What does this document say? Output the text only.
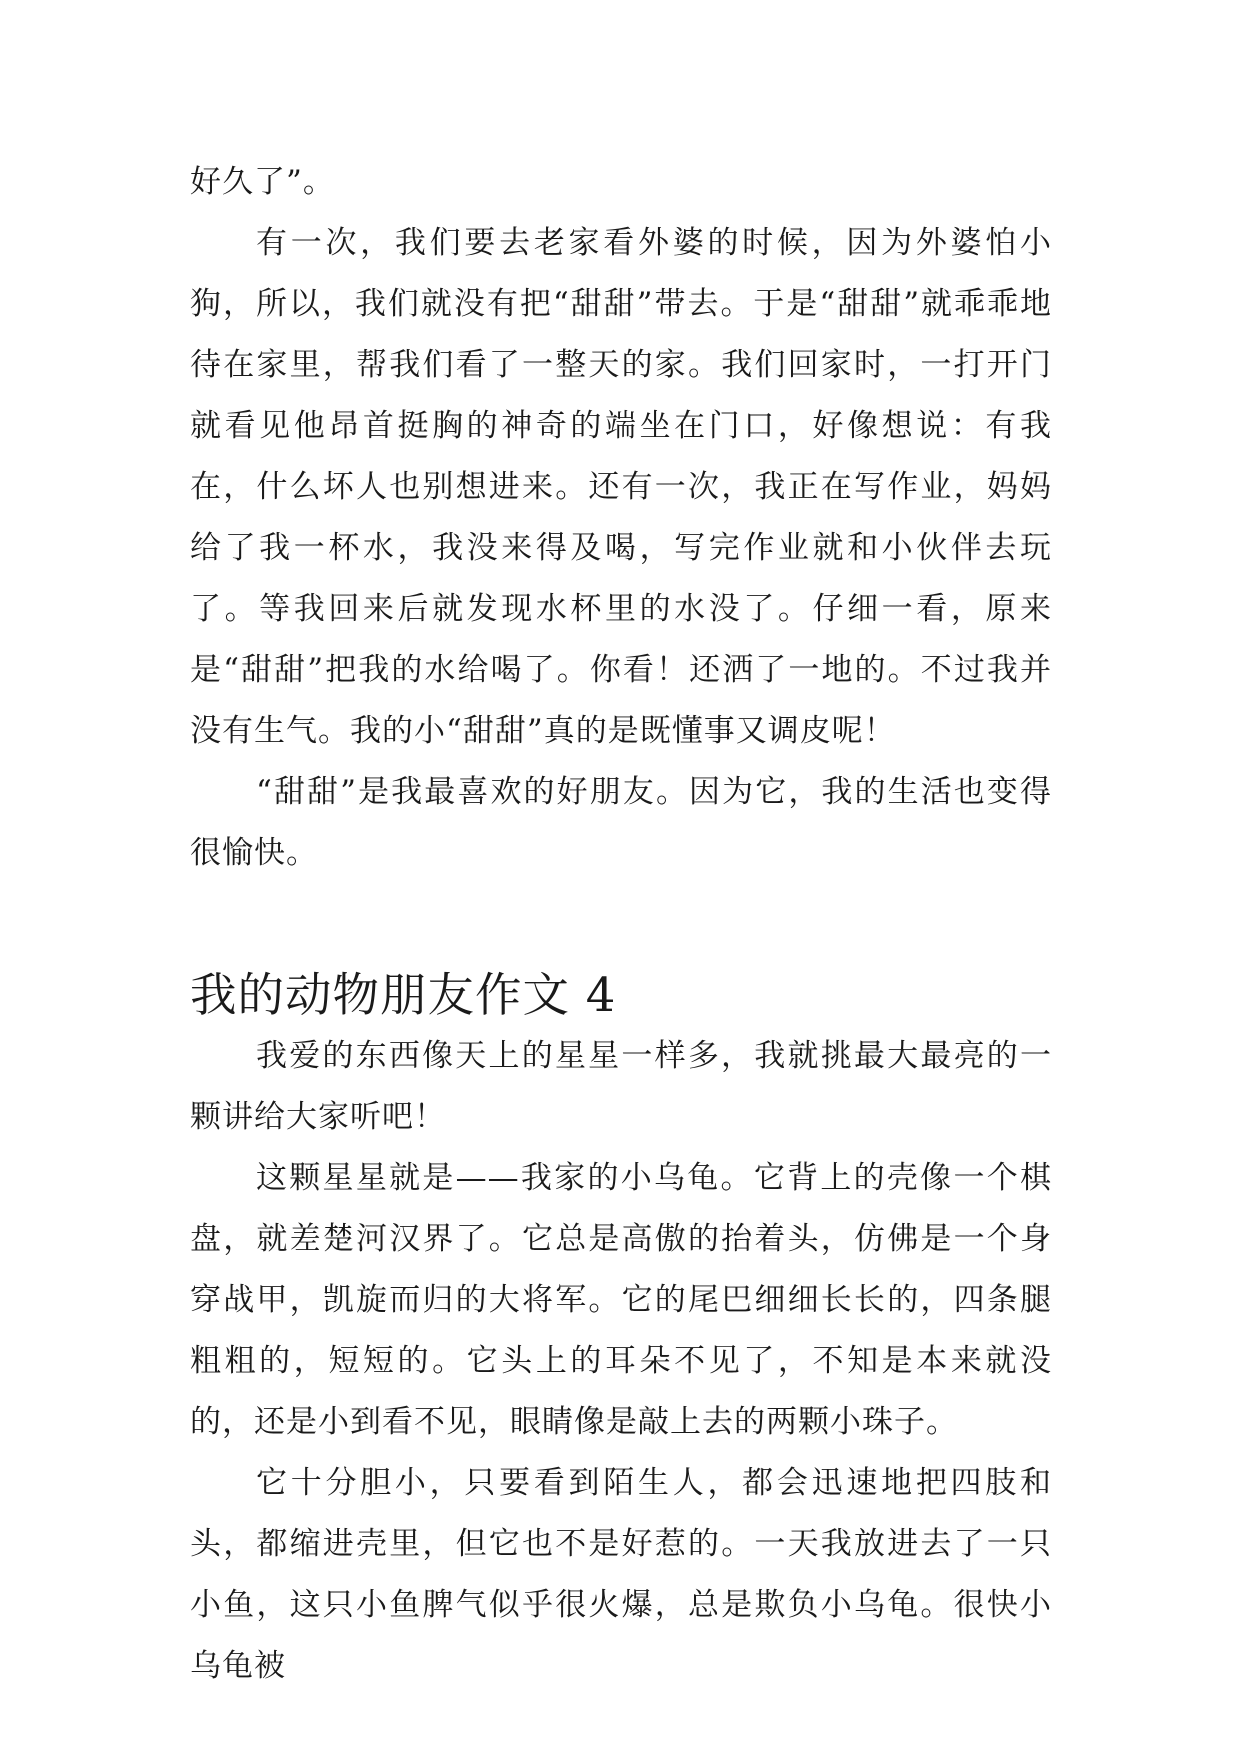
好久了”。

有一次，我们要去老家看外婆的时候，因为外婆怕小狗，所以，我们就没有把“甜甜”带去。于是“甜甜”就乖乖地待在家里，帮我们看了一整天的家。我们回家时，一打开门就看见他昂首挺胸的神奇的端坐在门口，好像想说：有我在，什么坏人也别想进来。还有一次，我正在写作业，妈妈给了我一杯水，我没来得及喝，写完作业就和小伙伴去玩了。等我回来后就发现水杯里的水没了。仔细一看，原来是“甜甜”把我的水给喝了。你看！还洒了一地的。不过我并没有生气。我的小“甜甜”真的是既懂事又调皮呢！

“甜甜”是我最喜欢的好朋友。因为它，我的生活也变得很愉快。

我的动物朋友作文 4

我爱的东西像天上的星星一样多，我就挑最大最亮的一颗讲给大家听吧！

这颗星星就是——我家的小乌龟。它背上的壳像一个棋盘，就差楚河汉界了。它总是高傲的抬着头，仿佛是一个身穿战甲，凯旋而归的大将军。它的尾巴细细长长的，四条腿粗粗的，短短的。它头上的耳朵不见了，不知是本来就没的，还是小到看不见，眼睛像是敲上去的两颗小珠子。

它十分胆小，只要看到陌生人，都会迅速地把四肢和头，都缩进壳里，但它也不是好惹的。一天我放进去了一只小鱼，这只小鱼脾气似乎很火爆，总是欺负小乌龟。很快小乌龟被
